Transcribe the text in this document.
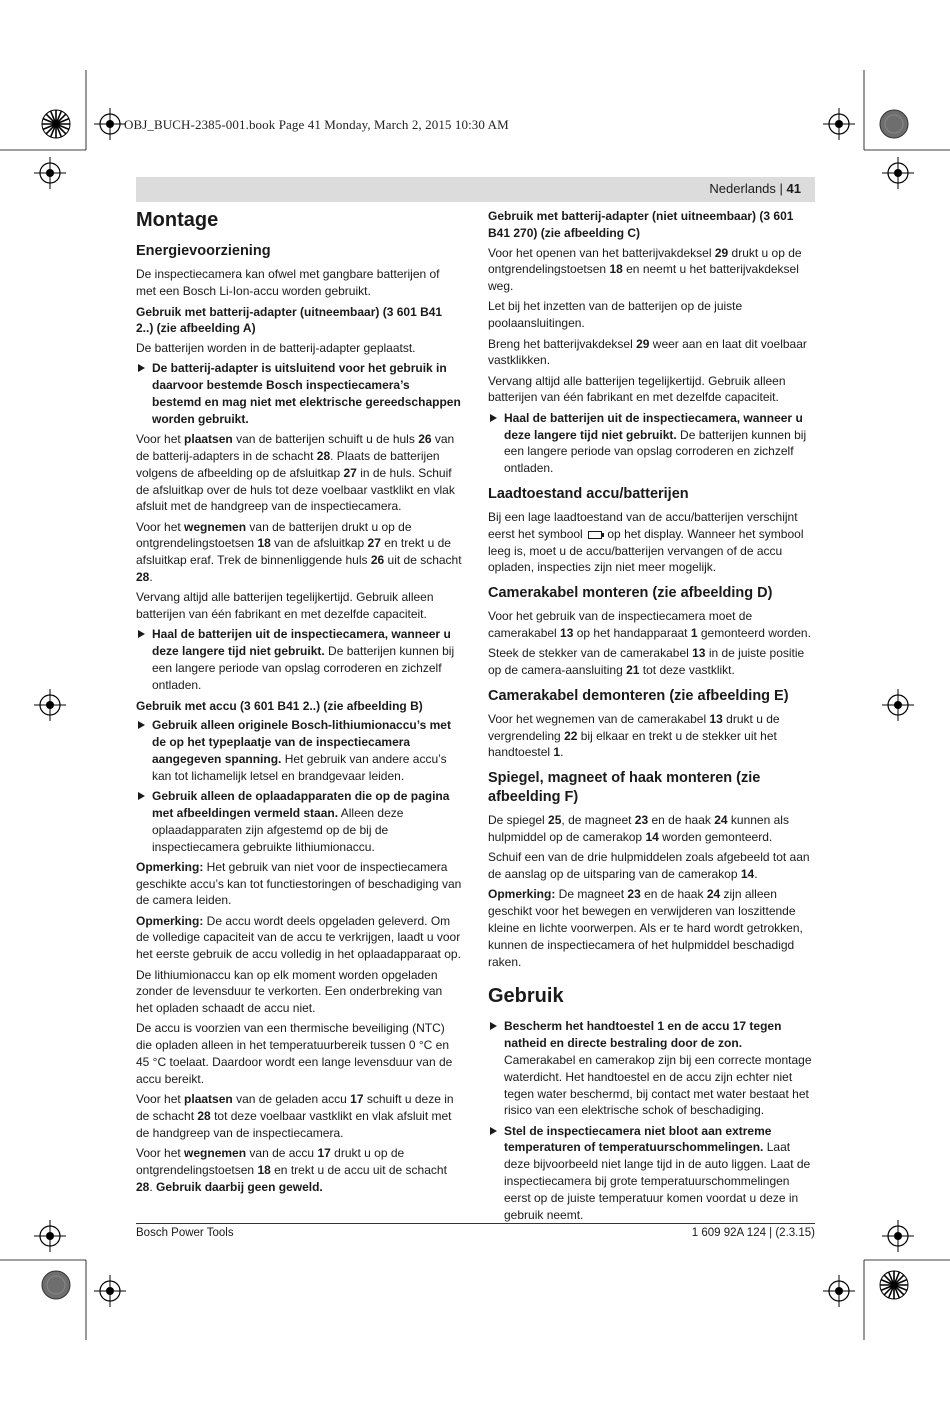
OBJ_BUCH-2385-001.book Page 41 Monday, March 2, 2015 10:30 AM
Nederlands | 41
Montage
Energievoorziening

De inspectiecamera kan ofwel met gangbare batterijen of met een Bosch Li-Ion-accu worden gebruikt.

Gebruik met batterij-adapter (uitneembaar) (3 601 B41 2..) (zie afbeelding A)

De batterijen worden in de batterij-adapter geplaatst.

De batterij-adapter is uitsluitend voor het gebruik in daarvoor bestemde Bosch inspectiecamera’s bestemd en mag niet met elektrische gereedschappen worden gebruikt.

Voor het plaatsen van de batterijen schuift u de huls 26 van de batterij-adapters in de schacht 28. Plaats de batterijen volgens de afbeelding op de afsluitkap 27 in de huls. Schuif de afsluitkap over de huls tot deze voelbaar vastklikt en vlak afsluit met de handgreep van de inspectiecamera.

Voor het wegnemen van de batterijen drukt u op de ontgrendelingstoetsen 18 van de afsluitkap 27 en trekt u de afsluitkap eraf. Trek de binnenliggende huls 26 uit de schacht 28.

Vervang altijd alle batterijen tegelijkertijd. Gebruik alleen batterijen van één fabrikant en met dezelfde capaciteit.

Haal de batterijen uit de inspectiecamera, wanneer u deze langere tijd niet gebruikt. De batterijen kunnen bij een langere periode van opslag corroderen en zichzelf ontladen.
Gebruik met accu (3 601 B41 2..) (zie afbeelding B)
Gebruik alleen originele Bosch-lithiumionaccu’s met de op het typeplaatje van de inspectiecamera aangegeven spanning. Het gebruik van andere accu’s kan tot lichamelijk letsel en brandgevaar leiden.
Gebruik alleen de oplaadapparaten die op de pagina met afbeeldingen vermeld staan. Alleen deze oplaadapparaten zijn afgestemd op de bij de inspectiecamera gebruikte lithiumionaccu.

Opmerking: Het gebruik van niet voor de inspectiecamera geschikte accu’s kan tot functiestoringen of beschadiging van de camera leiden.

Opmerking: De accu wordt deels opgeladen geleverd. Om de volledige capaciteit van de accu te verkrijgen, laadt u voor het eerste gebruik de accu volledig in het oplaadapparaat op.

De lithiumionaccu kan op elk moment worden opgeladen zonder de levensduur te verkorten. Een onderbreking van het opladen schaadt de accu niet.

De accu is voorzien van een thermische beveiliging (NTC) die opladen alleen in het temperatuurbereik tussen 0 °C en 45 °C toelaat. Daardoor wordt een lange levensduur van de accu bereikt.

Voor het plaatsen van de geladen accu 17 schuift u deze in de schacht 28 tot deze voelbaar vastklikt en vlak afsluit met de handgreep van de inspectiecamera.

Voor het wegnemen van de accu 17 drukt u op de ontgrendelingstoetsen 18 en trekt u de accu uit de schacht 28. Gebruik daarbij geen geweld.

Gebruik met batterij-adapter (niet uitneembaar) (3 601 B41 270) (zie afbeelding C)

Voor het openen van het batterijvakdeksel 29 drukt u op de ontgrendelingstoetsen 18 en neemt u het batterijvakdeksel weg.

Let bij het inzetten van de batterijen op de juiste poolaansluitingen.

Breng het batterijvakdeksel 29 weer aan en laat dit voelbaar vastklikken.

Vervang altijd alle batterijen tegelijkertijd. Gebruik alleen batterijen van één fabrikant en met dezelfde capaciteit.

Haal de batterijen uit de inspectiecamera, wanneer u deze langere tijd niet gebruikt. De batterijen kunnen bij een langere periode van opslag corroderen en zichzelf ontladen.
Laadtoestand accu/batterijen

Bij een lage laadtoestand van de accu/batterijen verschijnt eerst het symbool  op het display. Wanneer het symbool leeg is, moet u de accu/batterijen vervangen of de accu opladen, inspecties zijn niet meer mogelijk.

Camerakabel monteren (zie afbeelding D)

Voor het gebruik van de inspectiecamera moet de camerakabel 13 op het handapparaat 1 gemonteerd worden.

Steek de stekker van de camerakabel 13 in de juiste positie op de camera-aansluiting 21 tot deze vastklikt.

Camerakabel demonteren (zie afbeelding E)

Voor het wegnemen van de camerakabel 13 drukt u de vergrendeling 22 bij elkaar en trekt u de stekker uit het handtoestel 1.

Spiegel, magneet of haak monteren (zie afbeelding F)

De spiegel 25, de magneet 23 en de haak 24 kunnen als hulpmiddel op de camerakop 14 worden gemonteerd.

Schuif een van de drie hulpmiddelen zoals afgebeeld tot aan de aanslag op de uitsparing van de camerakop 14.

Opmerking: De magneet 23 en de haak 24 zijn alleen geschikt voor het bewegen en verwijderen van loszittende kleine en lichte voorwerpen. Als er te hard wordt getrokken, kunnen de inspectiecamera of het hulpmiddel beschadigd raken.

Gebruik
Bescherm het handtoestel 1 en de accu 17 tegen natheid en directe bestraling door de zon. Camerakabel en camerakop zijn bij een correcte montage waterdicht. Het handtoestel en de accu zijn echter niet tegen water beschermd, bij contact met water bestaat het risico van een elektrische schok of beschadiging.
Stel de inspectiecamera niet bloot aan extreme temperaturen of temperatuurschommelingen. Laat deze bijvoorbeeld niet lange tijd in de auto liggen. Laat de inspectiecamera bij grote temperatuurschommelingen eerst op de juiste temperatuur komen voordat u deze in gebruik neemt.
Bosch Power Tools	1 609 92A 124 | (2.3.15)
